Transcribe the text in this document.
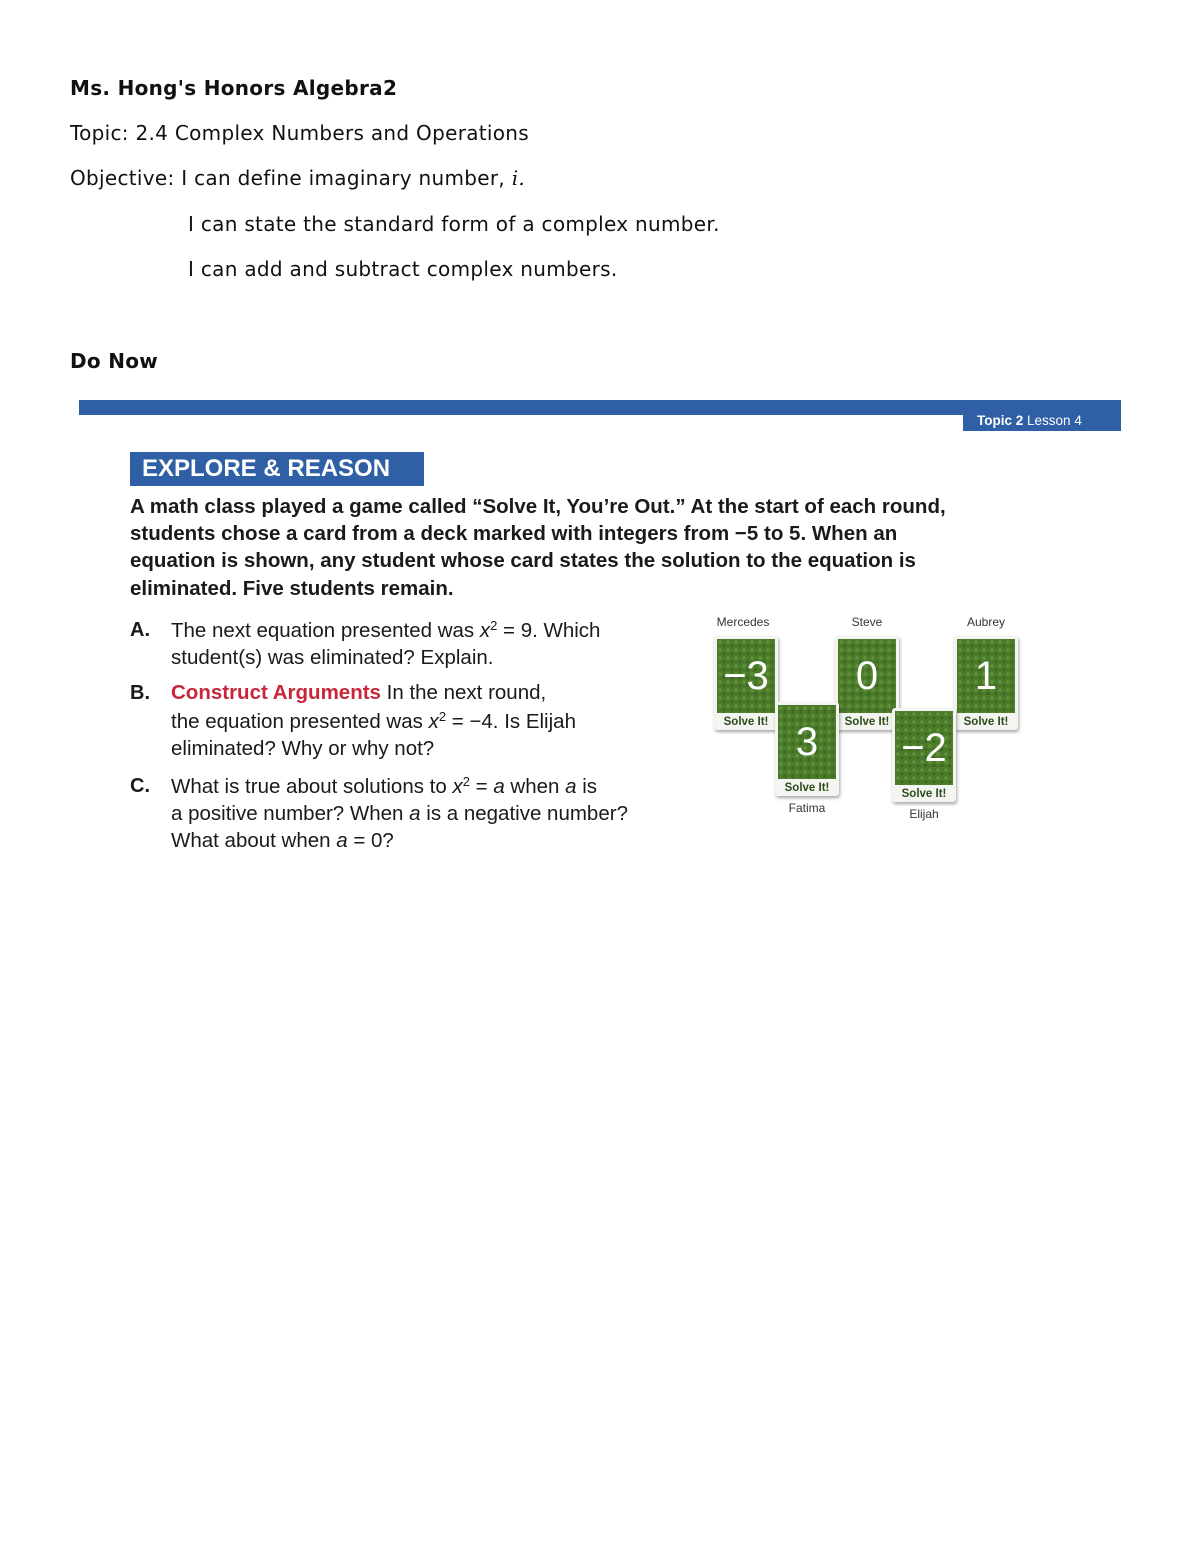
Ms. Hong's Honors Algebra2
Topic: 2.4 Complex Numbers and Operations
Objective: I can define imaginary number, i.
I can state the standard form of a complex number.
I can add and subtract complex numbers.
Do Now
Topic 2 Lesson 4
EXPLORE & REASON
A math class played a game called “Solve It, You’re Out.” At the start of each round,
students chose a card from a deck marked with integers from −5 to 5. When an
equation is shown, any student whose card states the solution to the equation is
eliminated. Five students remain.
A. The next equation presented was $x^2 = 9$. Which
student(s) was eliminated? Explain.
B. Construct Arguments In the next round,
the equation presented was $x^2 = -4$. Is Elijah
eliminated? Why or why not?
C. What is true about solutions to $x^2 = a$ when a is
a positive number? When a is a negative number?
What about when a = 0?
Mercedes	Steve	Aubrey
−3
Solve It!
0
Solve It!
1
Solve It!
3
Solve It!
−2
Solve It!
Fatima	Elijah
